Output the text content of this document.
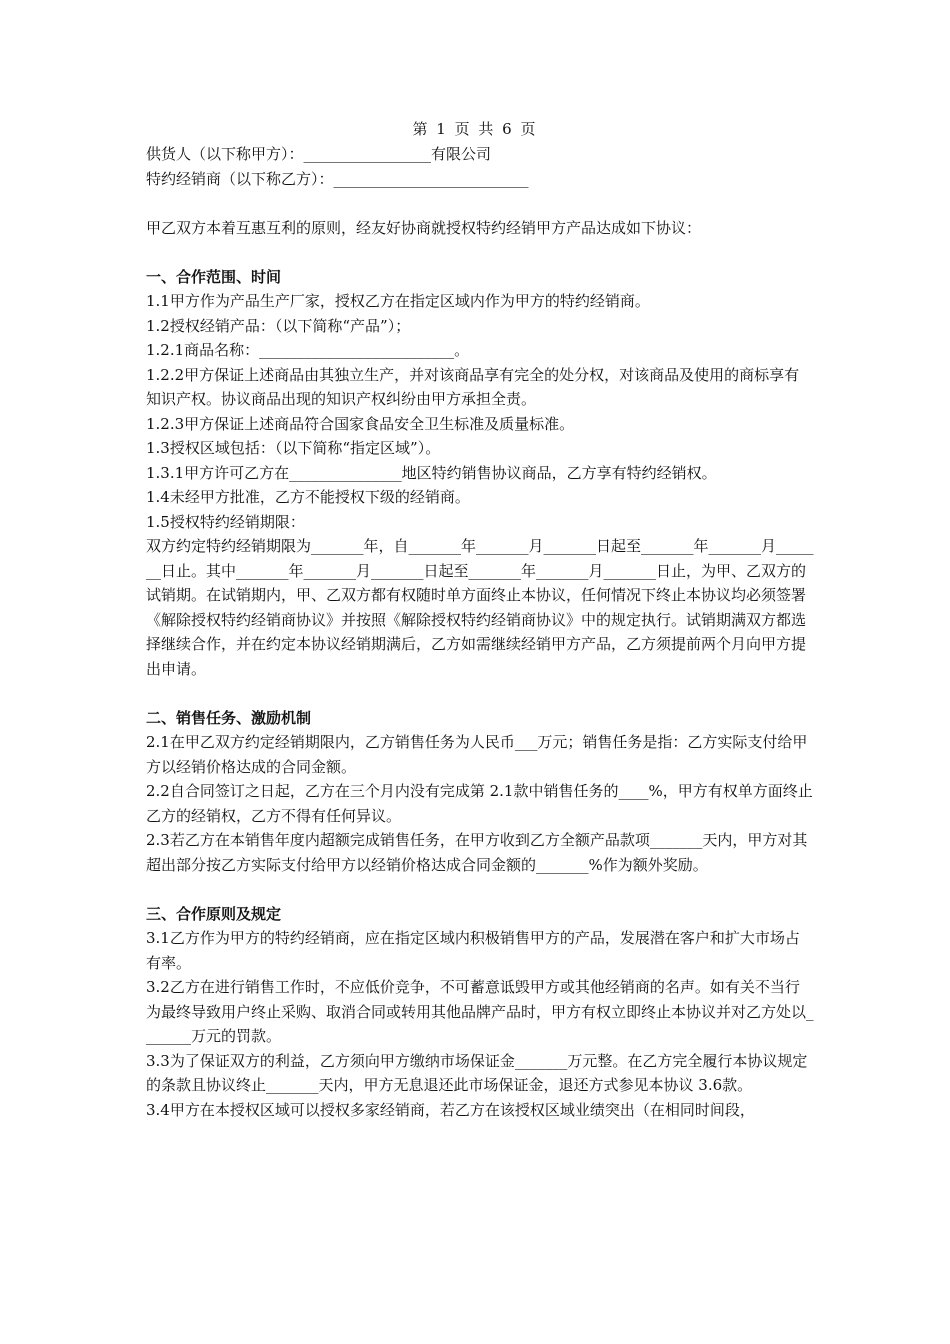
第 1 页 共 6 页
供货人（以下称甲方）：_________________有限公司
特约经销商（以下称乙方）：__________________________
甲乙双方本着互惠互利的原则，经友好协商就授权特约经销甲方产品达成如下协议：
一、合作范围、时间
1.1甲方作为产品生产厂家，授权乙方在指定区域内作为甲方的特约经销商。
1.2授权经销产品：（以下简称“产品”）；
1.2.1商品名称：__________________________。
1.2.2甲方保证上述商品由其独立生产，并对该商品享有完全的处分权，对该商品及使用的商标享有知识产权。协议商品出现的知识产权纠纷由甲方承担全责。
1.2.3甲方保证上述商品符合国家食品安全卫生标准及质量标准。
1.3授权区域包括：（以下简称“指定区域”）。
1.3.1甲方许可乙方在_______________地区特约销售协议商品，乙方享有特约经销权。
1.4未经甲方批准，乙方不能授权下级的经销商。
1.5授权特约经销期限：
双方约定特约经销期限为_______年，自_______年_______月_______日起至_______年_______月_______日止。其中_______年_______月_______日起至_______年_______月_______日止，为甲、乙双方的试销期。在试销期内，甲、乙双方都有权随时单方面终止本协议，任何情况下终止本协议均必须签署《解除授权特约经销商协议》并按照《解除授权特约经销商协议》中的规定执行。试销期满双方都选择继续合作，并在约定本协议经销期满后，乙方如需继续经销甲方产品，乙方须提前两个月向甲方提出申请。
二、销售任务、激励机制
2.1在甲乙双方约定经销期限内，乙方销售任务为人民币___万元；销售任务是指：乙方实际支付给甲方以经销价格达成的合同金额。
2.2自合同签订之日起，乙方在三个月内没有完成第 2.1款中销售任务的____%，甲方有权单方面终止乙方的经销权，乙方不得有任何异议。
2.3若乙方在本销售年度内超额完成销售任务，在甲方收到乙方全额产品款项_______天内，甲方对其超出部分按乙方实际支付给甲方以经销价格达成合同金额的_______%作为额外奖励。
三、合作原则及规定
3.1乙方作为甲方的特约经销商，应在指定区域内积极销售甲方的产品，发展潜在客户和扩大市场占有率。
3.2乙方在进行销售工作时，不应低价竞争，不可蓄意诋毁甲方或其他经销商的名声。如有关不当行为最终导致用户终止采购、取消合同或转用其他品牌产品时，甲方有权立即终止本协议并对乙方处以_______万元的罚款。
3.3为了保证双方的利益，乙方须向甲方缴纳市场保证金_______万元整。在乙方完全履行本协议规定的条款且协议终止_______天内，甲方无息退还此市场保证金，退还方式参见本协议 3.6款。
3.4甲方在本授权区域可以授权多家经销商，若乙方在该授权区域业绩突出（在相同时间段，
